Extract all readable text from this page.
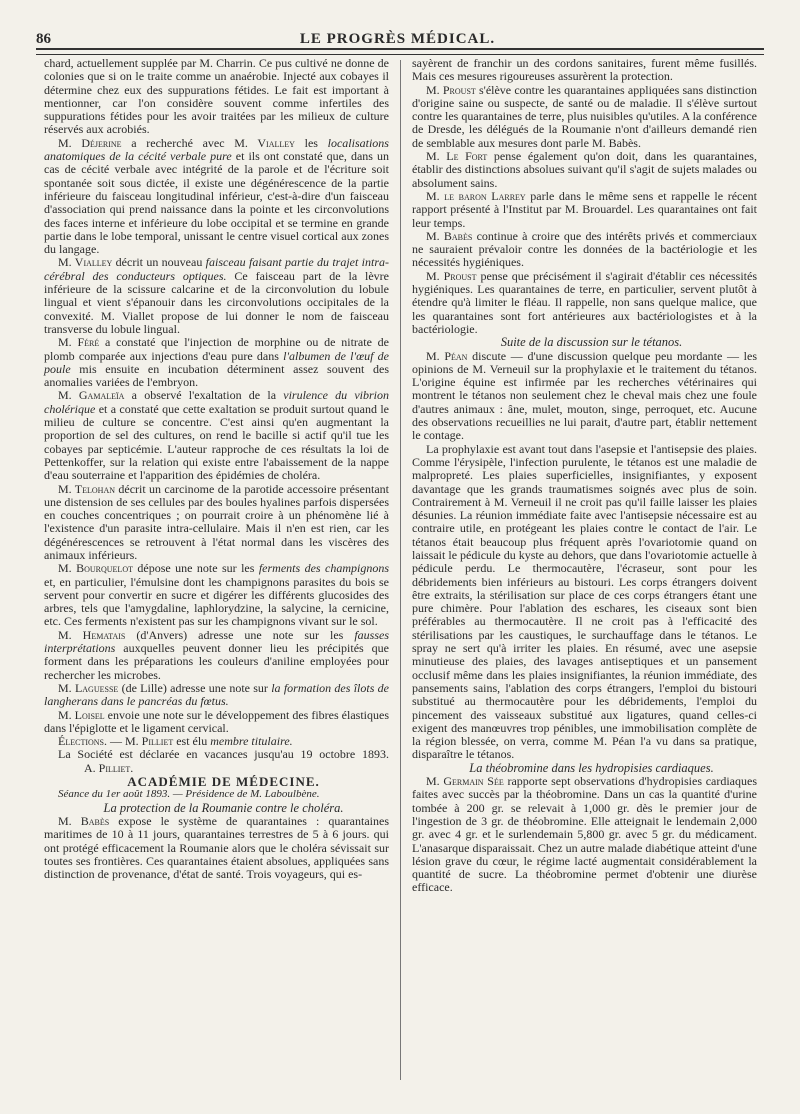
86	LE PROGRÈS MÉDICAL.

chard, actuellement supplée par M. Charrin. Ce pus cultivé ne donne de colonies que si on le traite comme un anaérobie. Injecté aux cobayes il détermine chez eux des suppurations fétides. Le fait est important à mentionner, car l'on considère souvent comme infertiles des suppurations fétides pour les avoir traitées par les milieux de culture réservés aux acrobiés.

M. Déjerine a recherché avec M. Vialley les localisations anatomiques de la cécité verbale pure et ils ont constaté que, dans un cas de cécité verbale avec intégrité de la parole et de l'écriture soit spontanée soit sous dictée, il existe une dégénérescence de la partie inférieure du faisceau longitudinal inférieur, c'est-à-dire d'un faisceau d'association qui prend naissance dans la pointe et les circonvolutions des faces interne et inférieure du lobe occipital et se termine en grande partie dans le lobe temporal, unissant le centre visuel cortical aux zones du langage.

M. Vialley décrit un nouveau faisceau faisant partie du trajet intra-cérébral des conducteurs optiques. Ce faisceau part de la lèvre inférieure de la scissure calcarine et de la circonvolution du lobule lingual et vient s'épanouir dans les circonvolutions occipitales de la convexité. M. Viallet propose de lui donner le nom de faisceau transverse du lobule lingual.

M. Féré a constaté que l'injection de morphine ou de nitrate de plomb comparée aux injections d'eau pure dans l'albumen de l'œuf de poule mis ensuite en incubation déterminent assez souvent des anomalies variées de l'embryon.

M. Gamaleïa a observé l'exaltation de la virulence du vibrion cholérique et a constaté que cette exaltation se produit surtout quand le milieu de culture se concentre. C'est ainsi qu'en augmentant la proportion de sel des cultures, on rend le bacille si actif qu'il tue les cobayes par septicémie. L'auteur rapproche de ces résultats la loi de Pettenkoffer, sur la relation qui existe entre l'abaissement de la nappe d'eau souterraine et l'apparition des épidémies de choléra.

M. Telohan décrit un carcinome de la parotide accessoire présentant une distension de ses cellules par des boules hyalines parfois dispersées en couches concentriques ; on pourrait croire à un phénomène lié à l'existence d'un parasite intra-cellulaire. Mais il n'en est rien, car les dégénérescences se retrouvent à l'état normal dans les viscères des animaux inférieurs.

M. Bourquelot dépose une note sur les ferments des champignons et, en particulier, l'émulsine dont les champignons parasites du bois se servent pour convertir en sucre et digérer les différents glucosides des arbres, tels que l'amygdaline, laphlorydzine, la salycine, la cernicine, etc. Ces ferments n'existent pas sur les champignons vivant sur le sol.

M. Hematais (d'Anvers) adresse une note sur les fausses interprétations auxquelles peuvent donner lieu les précipités que forment dans les préparations les couleurs d'aniline employées pour rechercher les microbes.

M. Laguesse (de Lille) adresse une note sur la formation des îlots de langherans dans le pancréas du fœtus.

M. Loisel envoie une note sur le développement des fibres élastiques dans l'épiglotte et le ligament cervical.

Élections. — M. Pilliet est élu membre titulaire.

La Société est déclarée en vacances jusqu'au 19 octobre 1893. A. Pilliet.

ACADÉMIE DE MÉDECINE.

Séance du 1er août 1893. — Présidence de M. Laboulbène.

La protection de la Roumanie contre le choléra.

M. Babès expose le système de quarantaines : quarantaines maritimes de 10 à 11 jours, quarantaines terrestres de 5 à 6 jours. qui ont protégé efficacement la Roumanie alors que le choléra sévissait sur toutes ses frontières. Ces quarantaines étaient absolues, appliquées sans distinction de provenance, d'état de santé. Trois voyageurs, qui es-

sayèrent de franchir un des cordons sanitaires, furent même fusillés. Mais ces mesures rigoureuses assurèrent la protection.

M. Proust s'élève contre les quarantaines appliquées sans distinction d'origine saine ou suspecte, de santé ou de maladie. Il s'élève surtout contre les quarantaines de terre, plus nuisibles qu'utiles. A la conférence de Dresde, les délégués de la Roumanie n'ont d'ailleurs demandé rien de semblable aux mesures dont parle M. Babès.

M. Le Fort pense également qu'on doit, dans les quarantaines, établir des distinctions absolues suivant qu'il s'agit de sujets malades ou absolument sains.

M. le baron Larrey parle dans le même sens et rappelle le récent rapport présenté à l'Institut par M. Brouardel. Les quarantaines ont fait leur temps.

M. Babès continue à croire que des intérêts privés et commerciaux ne sauraient prévaloir contre les données de la bactériologie et les nécessités hygiéniques.

M. Proust pense que précisément il s'agirait d'établir ces nécessités hygiéniques. Les quarantaines de terre, en particulier, servent plutôt à étendre qu'à limiter le fléau. Il rappelle, non sans quelque malice, que les quarantaines sont fort antérieures aux bactériologistes et à la bactériologie.

Suite de la discussion sur le tétanos.

M. Péan discute — d'une discussion quelque peu mordante — les opinions de M. Verneuil sur la prophylaxie et le traitement du tétanos. L'origine équine est infirmée par les recherches vétérinaires qui montrent le tétanos non seulement chez le cheval mais chez une foule d'autres animaux : âne, mulet, mouton, singe, perroquet, etc. Aucune des observations recueillies ne lui parait, d'autre part, établir nettement le contage.

La prophylaxie est avant tout dans l'asepsie et l'antisepsie des plaies. Comme l'érysipèle, l'infection purulente, le tétanos est une maladie de malpropreté. Les plaies superficielles, insignifiantes, y exposent davantage que les grands traumatismes soignés avec plus de soin. Contrairement à M. Verneuil il ne croit pas qu'il faille laisser les plaies désunies. La réunion immédiate faite avec l'antisepsie nécessaire est au contraire utile, en protégeant les plaies contre le contact de l'air. Le tétanos était beaucoup plus fréquent après l'ovariotomie quand on laissait le pédicule du kyste au dehors, que dans l'ovariotomie actuelle à pédicule perdu. Le thermocautère, l'écraseur, sont pour les débridements bien inférieurs au bistouri. Les corps étrangers doivent être extraits, la stérilisation sur place de ces corps étrangers étant une pure chimère. Pour l'ablation des eschares, les ciseaux sont bien préférables au thermocautère. Il ne croit pas à l'efficacité des stérilisations par les caustiques, le surchauffage dans le tétanos. Le spray ne sert qu'à irriter les plaies. En résumé, avec une asepsie minutieuse des plaies, des lavages antiseptiques et un pansement occlusif même dans les plaies insignifiantes, la réunion immédiate, des pansements sains, l'ablation des corps étrangers, l'emploi du bistouri substitué au thermocautère pour les débridements, l'emploi du pincement des vaisseaux substitué aux ligatures, quand celles-ci exigent des manœuvres trop pénibles, une immobilisation complète de la région blessée, on verra, comme M. Péan l'a vu dans sa pratique, disparaître le tétanos.

La théobromine dans les hydropisies cardiaques.

M. Germain Sée rapporte sept observations d'hydropisies cardiaques faites avec succès par la théobromine. Dans un cas la quantité d'urine tombée à 200 gr. se relevait à 1,000 gr. dès le premier jour de l'ingestion de 3 gr. de théobromine. Elle atteignait le lendemain 2,000 gr. avec 4 gr. et le surlendemain 5,800 gr. avec 5 gr. du médicament. L'anasarque disparaissait. Chez un autre malade diabétique atteint d'une lésion grave du cœur, le régime lacté augmentait considérablement la quantité de sucre. La théobromine permet d'obtenir une diurèse efficace.
